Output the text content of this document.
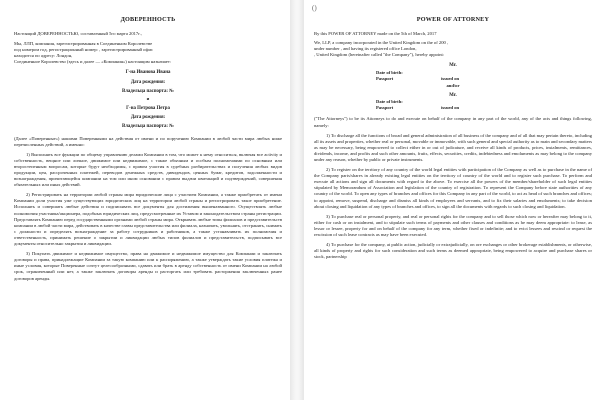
ДОВЕРЕННОСТЬ
Настоящий ДОВЕРЕННОСТЬЮ, составленный 5го марта 2017г.,
Мы, ЛЛП, компания, зарегистрированная в Соединенном Королевстве
под номером год, регистрационный номер: , зарегистрированный офис
находится по адресу: Лондон,
Соединенное Королевство (здесь и далее — «Компания») настоящим назначает:
Г-на Иванова Ивана
Дата рождения:
Владельца паспорта: №
и
Г-на Петрова Петра
Дата рождения:
Владельца паспорта: №
(Далее «Поверенные») нашими Поверенными на действия от имени и по поручению Компании в любой части мира любых ниже перечисленных действий, а именно:
1) Выполнять все функции по общему управлению делами Компании в том, что может к нему относиться, включая все activity и собственность, вещное или личное, движимое или недвижимое, с также обычным и особым полномочиями по основным или второстепенным вопросам, которые будут необходимы, с правом участия в судебных разбирательствах и получения любых видов продукции, цен, рассроченных платежей, переводов денежных средств, дивидендов, ценных бумаг, кредитов, задолженности и вознаграждения, причитающейся компании на том или ином основании с правом выдачи квитанций и подтверждений, совершения обязательных или иных действий.
2) Регистрировать на территории любой страны мира юридические лица с участием Компании, а также приобретать от имени Компании доли участия уже существующих юридических лиц на территории любой страны и регистрировать такое приобретение. Исполнять и совершать любые действия и подписывать все документы для достижения вышеназванного. Осуществлять любые полномочия участника/акционера, подобных юридических лиц, предусмотренные их Уставом и законодательством страны регистрации. Представлять Компанию перед государственными органами любой страны мира. Открывать любые типы филиалов и представительств компании в любой части мира, действовать в качестве главы представительства или филиала, назначать, увольнять, отстранять, снимать с должности и определять вознаграждение за работу сотрудников и работников, а также устанавливать их полномочия и ответственность, принимать решение о закрытии и ликвидации любых типов филиалов и представительств, подписывать все документы относительно закрытия и ликвидации.
3) Покупать движимое и недвижимое имущество, права на движимое и недвижимое имущество для Компании и заключать договоры и права, принадлежащие Компании за такую компанию или к распоряжению, а также утверждать такие условия платежа и иные условия, которые Поверенные сочтут целесообразными, сдавать или брать в аренду собственность от имени Компании на любой срок, ограниченный или нет, а также заключать договоры аренды и расторгать или требовать расторжения заключенных ранее договоров аренды.
()
POWER OF ATTORNEY
By this POWER OF ATTORNEY made on the 5th of March, 2017
We, LLP, a company incorporated in the United Kingdom on the of 200 ,
under number , and having its registered office London,
, United Kingdom (hereinafter called "the Company"), hereby appoint:
Mr.
Date of birth:
Passport	issued on
and/or
Mr.
Date of birth:
Passport	issued on
("The Attorneys") to be its Attorneys to do and execute on behalf of the company in any part of the world, any of the acts and things following, namely:
1) To discharge all the functions of broad and general administration of all business of the company and of all that may pertain thereto, including all its assets and properties, whether real or personal, movable or immovable, with such general and special authority as to main and secondary matters as may be necessary, being empowered to collect either in or out of judicature, and receive all kinds of products, prices, instalments, remittances, dividends, income, and profits and such other amounts, fruits, effects, securities, credits, indebtedness and emoluments as may belong to the company under any reason, whether by public or private instruments.
2) To register on the territory of any country of the world legal entities with participation of the Company as well as to purchase in the name of the Company parts/shares in already existing legal entities on the territory of country of the world and to register such purchase. To perform and execute all actions and sign all documents with regard to the above. To exercise all the powers of the member/shareholder of such legal entities stipulated by Memorandum of Association and legislation of the country of registration. To represent the Company before state authorities of any country of the world. To open any types of branches and offices for this Company in any part of the world, to act as head of such branches and offices; to appoint, remove, suspend, discharge and dismiss all kinds of employees and servants, and to fix their salaries and emoluments; to take decision about closing and liquidation of any types of branches and offices, to sign all the documents with regards to such closing and liquidation.
3) To purchase real or personal property, and real or personal rights for the company and to sell those which now or hereafter may belong to it, either for cash or on instalment, and to stipulate such terms of payments and other clauses and conditions as he may deem appropriate: to lease, as lessor or lessee, property for and on behalf of the company for any term, whether fixed or indefinite; and to evict lessees and rescind or request the rescission of such lease contracts as may have been executed.
4) To purchase for the company, at public action, judicially or extrajudicially, on ore exchanges or other brokerage establishments, or otherwise, all kinds of property and rights for such consideration and such terms as deemed appropriate, being empowered to acquire and purchase shares or stock, partnership
